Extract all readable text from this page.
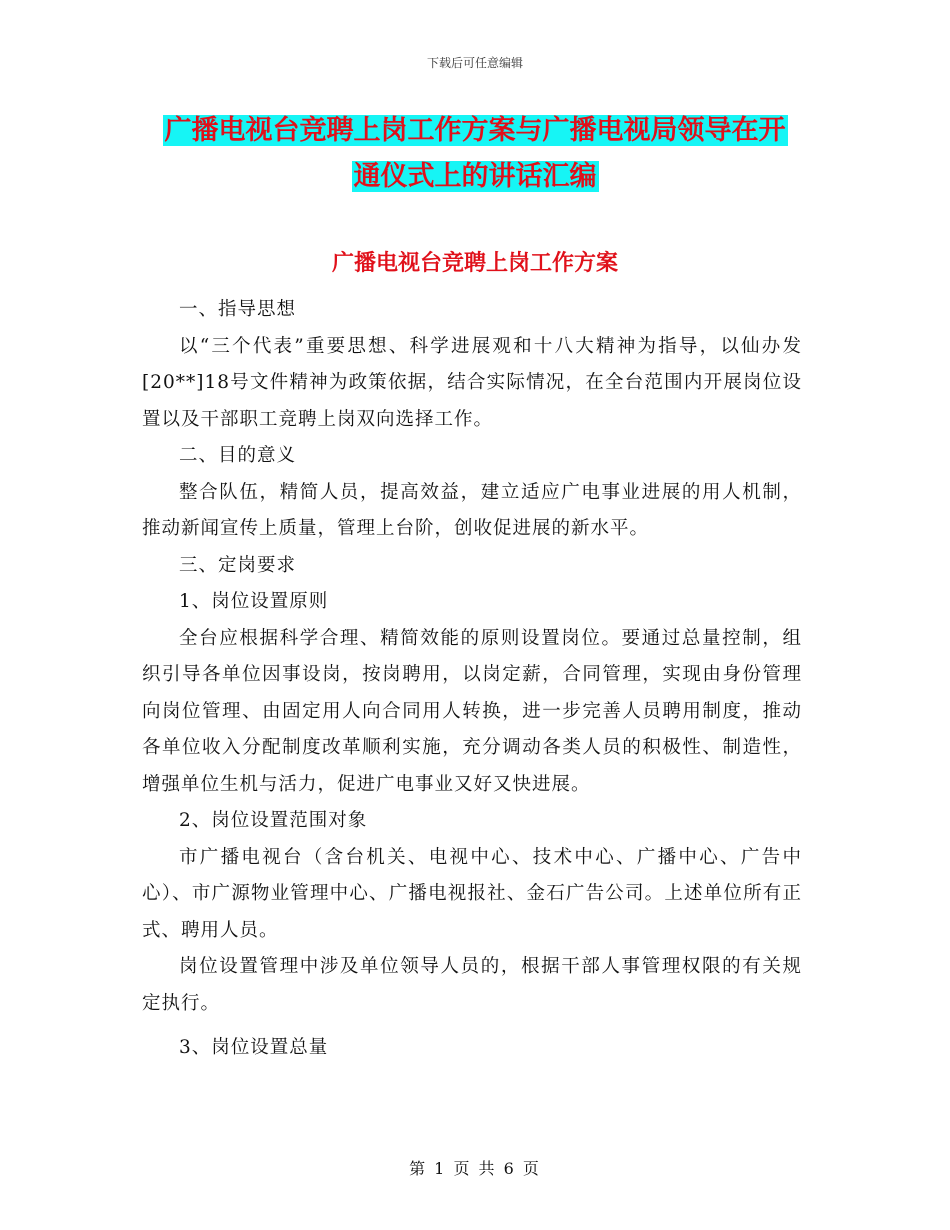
下载后可任意编辑
广播电视台竞聘上岗工作方案与广播电视局领导在开
通仪式上的讲话汇编
广播电视台竞聘上岗工作方案

一、指导思想

以“三个代表”重要思想、科学进展观和十八大精神为指导，以仙办发[20**]18号文件精神为政策依据，结合实际情况，在全台范围内开展岗位设置以及干部职工竞聘上岗双向选择工作。

二、目的意义

整合队伍，精简人员，提高效益，建立适应广电事业进展的用人机制，推动新闻宣传上质量，管理上台阶，创收促进展的新水平。

三、定岗要求

1、岗位设置原则

全台应根据科学合理、精简效能的原则设置岗位。要通过总量控制，组织引导各单位因事设岗，按岗聘用，以岗定薪，合同管理，实现由身份管理向岗位管理、由固定用人向合同用人转换，进一步完善人员聘用制度，推动各单位收入分配制度改革顺利实施，充分调动各类人员的积极性、制造性，增强单位生机与活力，促进广电事业又好又快进展。

2、岗位设置范围对象

市广播电视台（含台机关、电视中心、技术中心、广播中心、广告中心）、市广源物业管理中心、广播电视报社、金石广告公司。上述单位所有正式、聘用人员。

岗位设置管理中涉及单位领导人员的，根据干部人事管理权限的有关规定执行。

3、岗位设置总量

第 1 页 共 6 页
